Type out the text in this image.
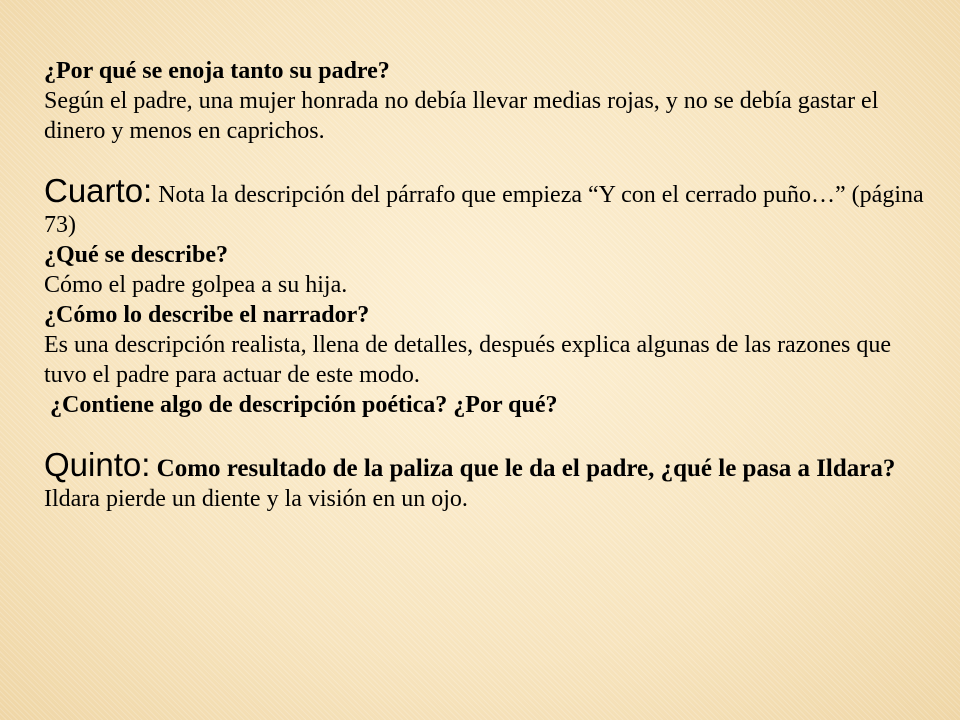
¿Por qué se enoja tanto su padre?

Según el padre, una mujer honrada no debía llevar medias rojas, y no se debía gastar el dinero y menos en caprichos.

Cuarto: Nota la descripción del párrafo que empieza “Y con el cerrado puño…” (página 73)

¿Qué se describe?

Cómo el padre golpea a su hija.

¿Cómo lo describe el narrador?

Es una descripción realista, llena de detalles, después explica algunas de las razones que tuvo el padre para actuar de este modo.

¿Contiene algo de descripción poética? ¿Por qué?

Quinto: Como resultado de la paliza que le da el padre, ¿qué le pasa a Ildara?

Ildara pierde un diente y la visión en un ojo.
